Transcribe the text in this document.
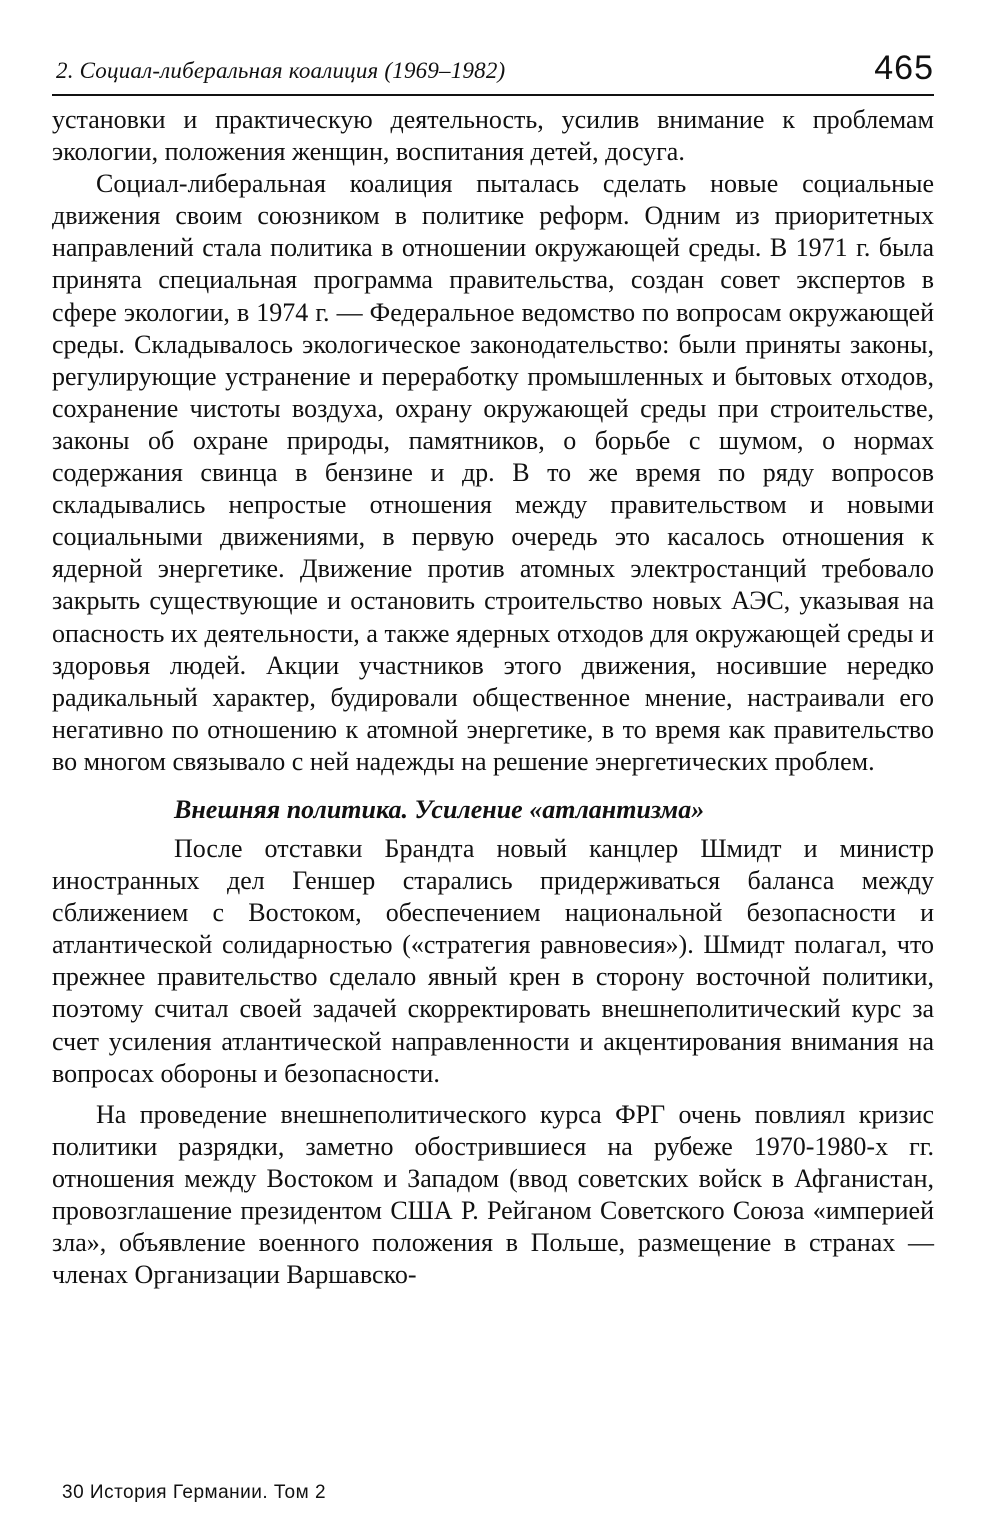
2. Социал-либеральная коалиция (1969–1982)	465

установки и практическую деятельность, усилив внимание к проблемам экологии, положения женщин, воспитания детей, досуга.

Социал-либеральная коалиция пыталась сделать новые социальные движения своим союзником в политике реформ. Одним из приоритетных направлений стала политика в отношении окружающей среды. В 1971 г. была принята специальная программа правительства, создан совет экспертов в сфере экологии, в 1974 г. — Федеральное ведомство по вопросам окружающей среды. Складывалось экологическое законодательство: были приняты законы, регулирующие устранение и переработку промышленных и бытовых отходов, сохранение чистоты воздуха, охрану окружающей среды при строительстве, законы об охране природы, памятников, о борьбе с шумом, о нормах содержания свинца в бензине и др. В то же время по ряду вопросов складывались непростые отношения между правительством и новыми социальными движениями, в первую очередь это касалось отношения к ядерной энергетике. Движение против атомных электростанций требовало закрыть существующие и остановить строительство новых АЭС, указывая на опасность их деятельности, а также ядерных отходов для окружающей среды и здоровья людей. Акции участников этого движения, носившие нередко радикальный характер, будировали общественное мнение, настраивали его негативно по отношению к атомной энергетике, в то время как правительство во многом связывало с ней надежды на решение энергетических проблем.

Внешняя политика. Усиление «атлантизма»

После отставки Брандта новый канцлер Шмидт и министр иностранных дел Геншер старались придерживаться баланса между сближением с Востоком, обеспечением национальной безопасности и атлантической солидарностью («стратегия равновесия»). Шмидт полагал, что прежнее правительство сделало явный крен в сторону восточной политики, поэтому считал своей задачей скорректировать внешнеполитический курс за счет усиления атлантической направленности и акцентирования внимания на вопросах обороны и безопасности.

На проведение внешнеполитического курса ФРГ очень повлиял кризис политики разрядки, заметно обострившиеся на рубеже 1970-1980-х гг. отношения между Востоком и Западом (ввод советских войск в Афганистан, провозглашение президентом США Р. Рейганом Советского Союза «империей зла», объявление военного положения в Польше, размещение в странах — членах Организации Варшавско-

30 История Германии. Том 2
